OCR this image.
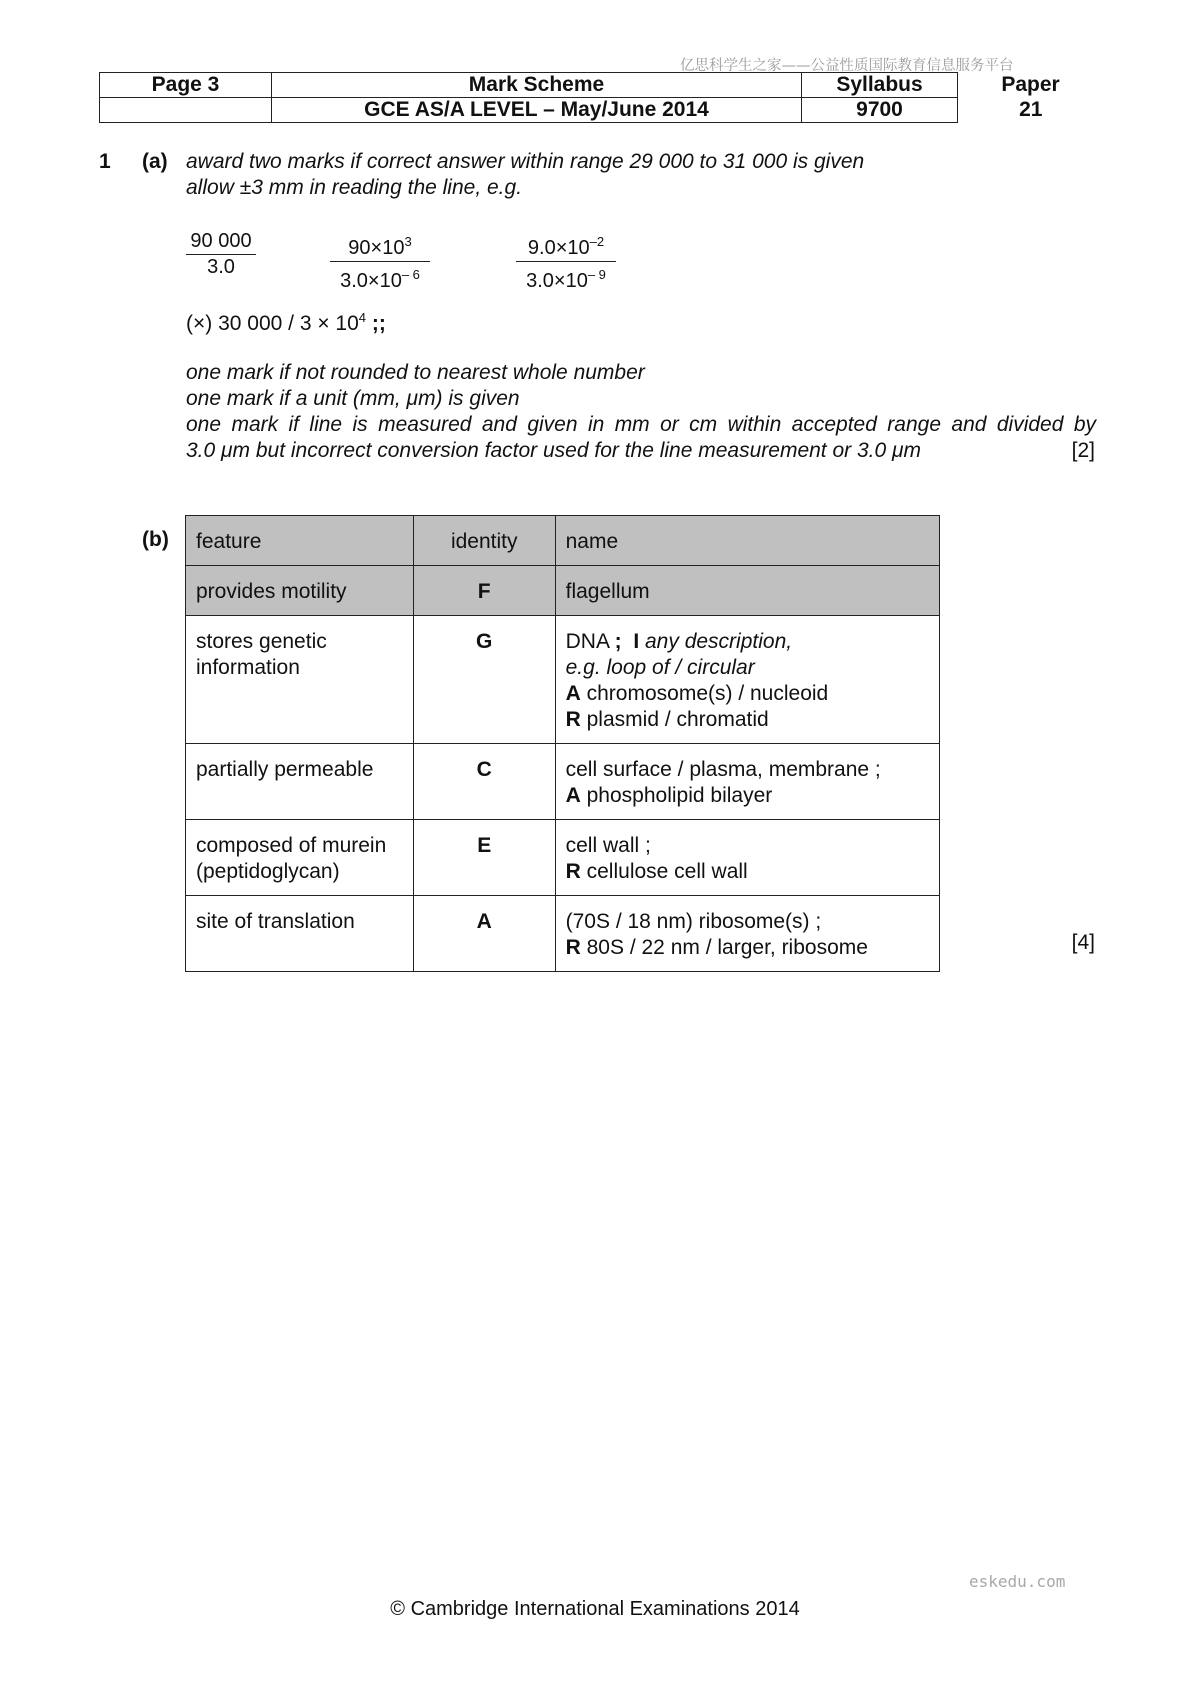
亿思科学生之家——公益性质国际教育信息服务平台
Page 3	Mark Scheme	Syllabus	Paper
	GCE AS/A LEVEL – May/June 2014	9700	21
1 (a) award two marks if correct answer within range 29 000 to 31 000 is given
allow ±3 mm in reading the line, e.g.
$\frac{90 000}{3.0}$	$\frac{90\times 10^3}{3.0\times 10^{- 6}}$	$\frac{9.0\times 10^{-2}}{3.0\times 10^{- 9}}$
(×) 30 $000 / 3 \times 10^4$ ;;
one mark if not rounded to nearest whole number
one mark if a unit (mm, μm) is given
one mark if line is measured and given in mm or cm within accepted range and divided by
3.0 μm but incorrect conversion factor used for the line measurement or 3.0 μm	[2]
(b) feature	identity	name
provides motility	F	flagellum
stores genetic information	G	DNA ; I any description,
e.g. loop of / circular
A chromosome(s) / nucleoid
R plasmid / chromatid

partially permeable	C	cell surface / plasma, membrane ;
A phospholipid bilayer

composed of murein (peptidoglycan)	E	cell wall ;
R cellulose cell wall

site of translation	A	(70S / 18 nm) ribosome(s) ;
R 80S / 22 nm / larger, ribosome	[4]
eskedu.com
© Cambridge International Examinations 2014
